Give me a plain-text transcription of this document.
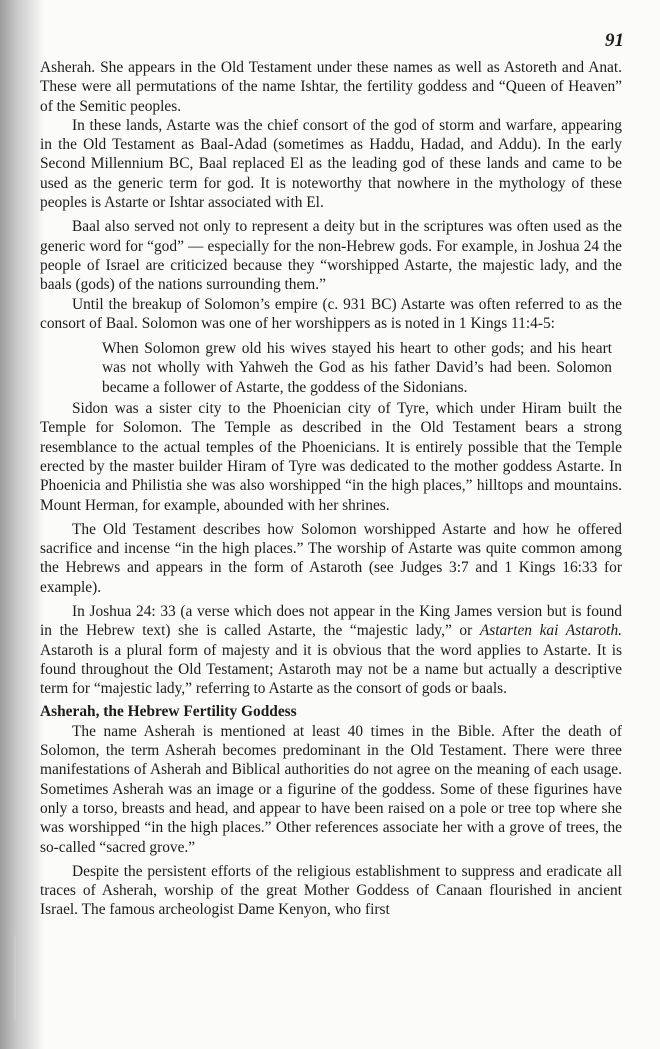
91

Asherah. She appears in the Old Testament under these names as well as Astoreth and Anat. These were all permutations of the name Ishtar, the fertility goddess and “Queen of Heaven” of the Semitic peoples.

In these lands, Astarte was the chief consort of the god of storm and warfare, appearing in the Old Testament as Baal-Adad (sometimes as Haddu, Hadad, and Addu). In the early Second Millennium BC, Baal replaced El as the leading god of these lands and came to be used as the generic term for god. It is noteworthy that nowhere in the mythology of these peoples is Astarte or Ishtar associated with El.

Baal also served not only to represent a deity but in the scriptures was often used as the generic word for “god” — especially for the non-Hebrew gods. For example, in Joshua 24 the people of Israel are criticized because they “worshipped Astarte, the majestic lady, and the baals (gods) of the nations surrounding them.”

Until the breakup of Solomon’s empire (c. 931 BC) Astarte was often referred to as the consort of Baal. Solomon was one of her worshippers as is noted in 1 Kings 11:4-5:

When Solomon grew old his wives stayed his heart to other gods; and his heart was not wholly with Yahweh the God as his father David’s had been. Solomon became a follower of Astarte, the goddess of the Sidonians.

Sidon was a sister city to the Phoenician city of Tyre, which under Hiram built the Temple for Solomon. The Temple as described in the Old Testament bears a strong resemblance to the actual temples of the Phoenicians. It is entirely possible that the Temple erected by the master builder Hiram of Tyre was dedicated to the mother goddess Astarte. In Phoenicia and Philistia she was also worshipped “in the high places,” hilltops and mountains. Mount Herman, for example, abounded with her shrines.

The Old Testament describes how Solomon worshipped Astarte and how he offered sacrifice and incense “in the high places.” The worship of Astarte was quite common among the Hebrews and appears in the form of Astaroth (see Judges 3:7 and 1 Kings 16:33 for example).

In Joshua 24: 33 (a verse which does not appear in the King James version but is found in the Hebrew text) she is called Astarte, the “majestic lady,” or Astarten kai Astaroth. Astaroth is a plural form of majesty and it is obvious that the word applies to Astarte. It is found throughout the Old Testament; Astaroth may not be a name but actually a descriptive term for “majestic lady,” referring to Astarte as the consort of gods or baals.

Asherah, the Hebrew Fertility Goddess

The name Asherah is mentioned at least 40 times in the Bible. After the death of Solomon, the term Asherah becomes predominant in the Old Testament. There were three manifestations of Asherah and Biblical authorities do not agree on the meaning of each usage. Sometimes Asherah was an image or a figurine of the goddess. Some of these figurines have only a torso, breasts and head, and appear to have been raised on a pole or tree top where she was worshipped “in the high places.” Other references associate her with a grove of trees, the so-called “sacred grove.”

Despite the persistent efforts of the religious establishment to suppress and eradicate all traces of Asherah, worship of the great Mother Goddess of Canaan flourished in ancient Israel. The famous archeologist Dame Kenyon, who first
